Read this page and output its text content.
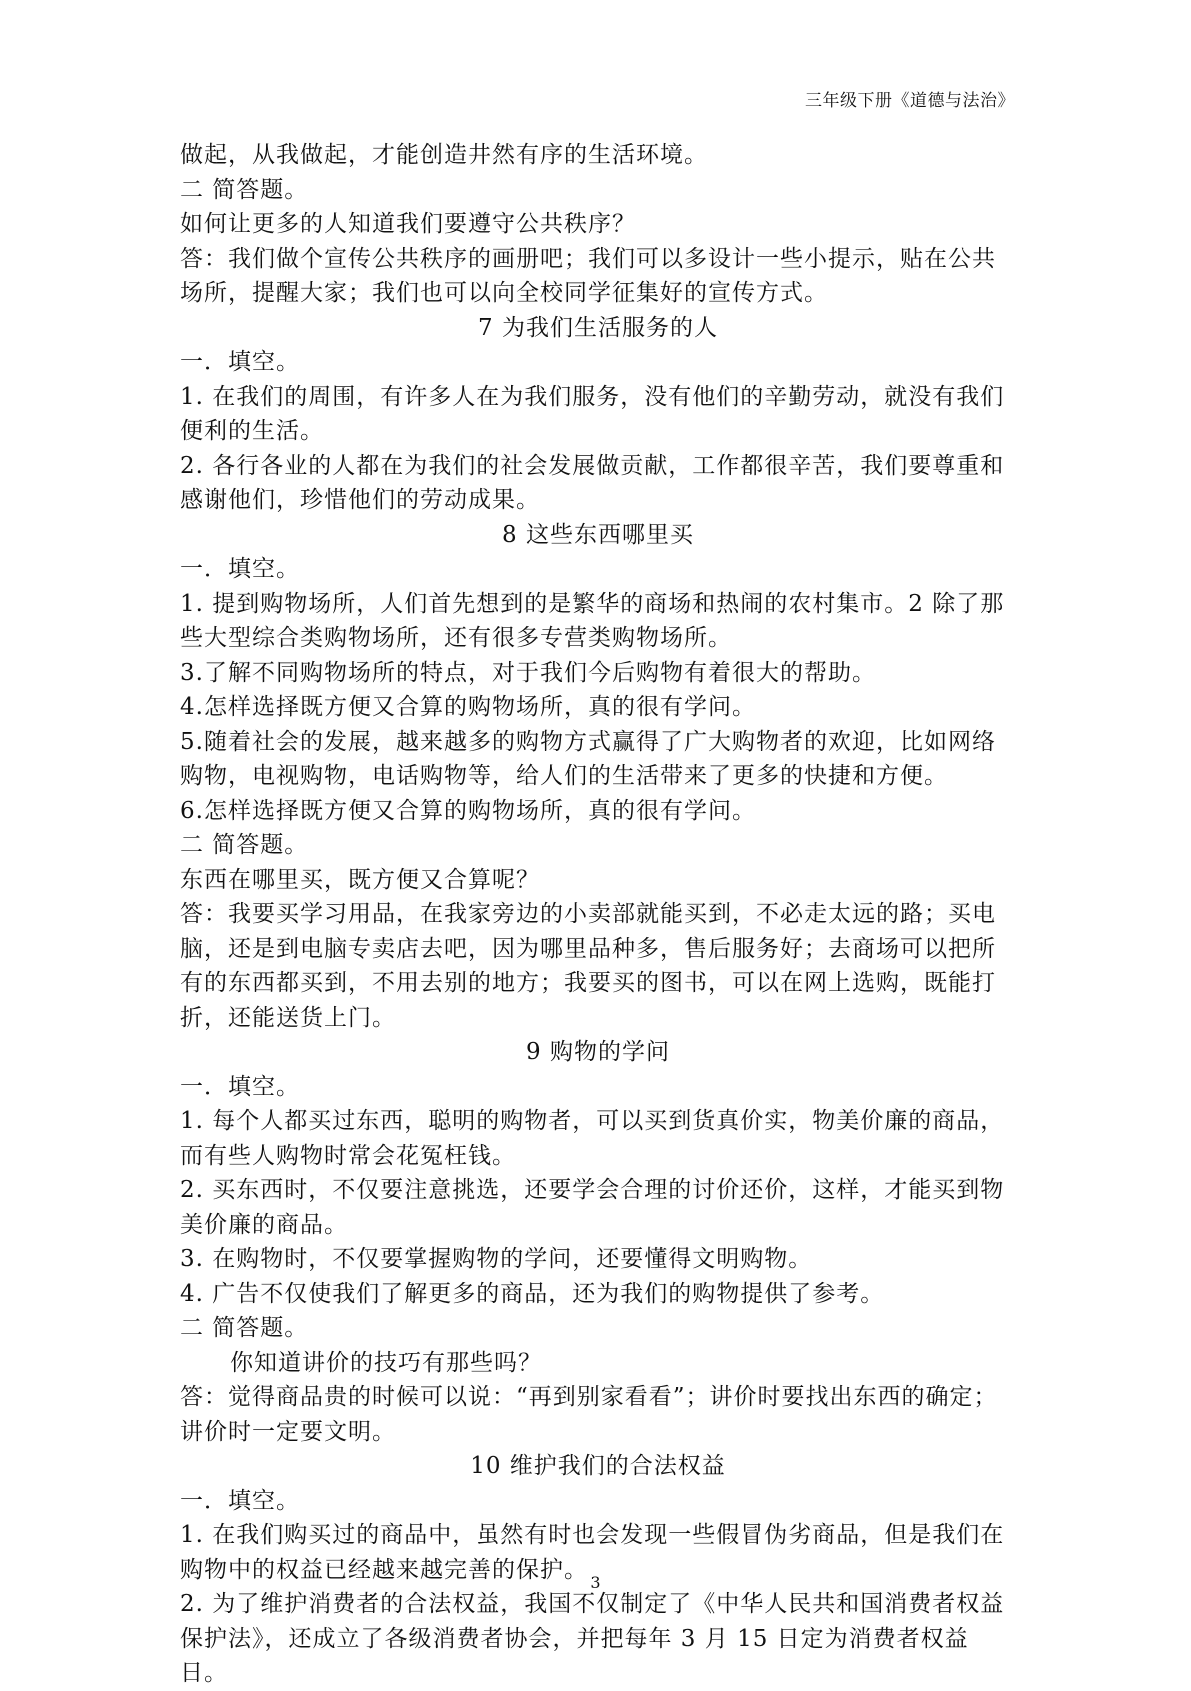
三年级下册《道德与法治》

做起，从我做起，才能创造井然有序的生活环境。

二 简答题。

如何让更多的人知道我们要遵守公共秩序？

答：我们做个宣传公共秩序的画册吧；我们可以多设计一些小提示，贴在公共场所，提醒大家；我们也可以向全校同学征集好的宣传方式。

7 为我们生活服务的人

一．填空。

1. 在我们的周围，有许多人在为我们服务，没有他们的辛勤劳动，就没有我们便利的生活。

2. 各行各业的人都在为我们的社会发展做贡献，工作都很辛苦，我们要尊重和感谢他们，珍惜他们的劳动成果。

8 这些东西哪里买

一．填空。

1. 提到购物场所，人们首先想到的是繁华的商场和热闹的农村集市。2 除了那些大型综合类购物场所，还有很多专营类购物场所。

3.了解不同购物场所的特点，对于我们今后购物有着很大的帮助。

4.怎样选择既方便又合算的购物场所，真的很有学问。

5.随着社会的发展，越来越多的购物方式赢得了广大购物者的欢迎，比如网络购物，电视购物，电话购物等，给人们的生活带来了更多的快捷和方便。

6.怎样选择既方便又合算的购物场所，真的很有学问。

二 简答题。

东西在哪里买，既方便又合算呢？

答：我要买学习用品，在我家旁边的小卖部就能买到，不必走太远的路；买电脑，还是到电脑专卖店去吧，因为哪里品种多，售后服务好；去商场可以把所有的东西都买到，不用去别的地方；我要买的图书，可以在网上选购，既能打折，还能送货上门。

9 购物的学问

一．填空。

1. 每个人都买过东西，聪明的购物者，可以买到货真价实，物美价廉的商品，而有些人购物时常会花冤枉钱。

2. 买东西时，不仅要注意挑选，还要学会合理的讨价还价，这样，才能买到物美价廉的商品。

3. 在购物时，不仅要掌握购物的学问，还要懂得文明购物。

4. 广告不仅使我们了解更多的商品，还为我们的购物提供了参考。

二 简答题。

你知道讲价的技巧有那些吗？

答：觉得商品贵的时候可以说：“再到别家看看”；讲价时要找出东西的确定；讲价时一定要文明。

10 维护我们的合法权益

一．填空。

1. 在我们购买过的商品中，虽然有时也会发现一些假冒伪劣商品，但是我们在购物中的权益已经越来越完善的保护。

2. 为了维护消费者的合法权益，我国不仅制定了《中华人民共和国消费者权益保护法》，还成立了各级消费者协会，并把每年 3 月 15 日定为消费者权益日。

3
